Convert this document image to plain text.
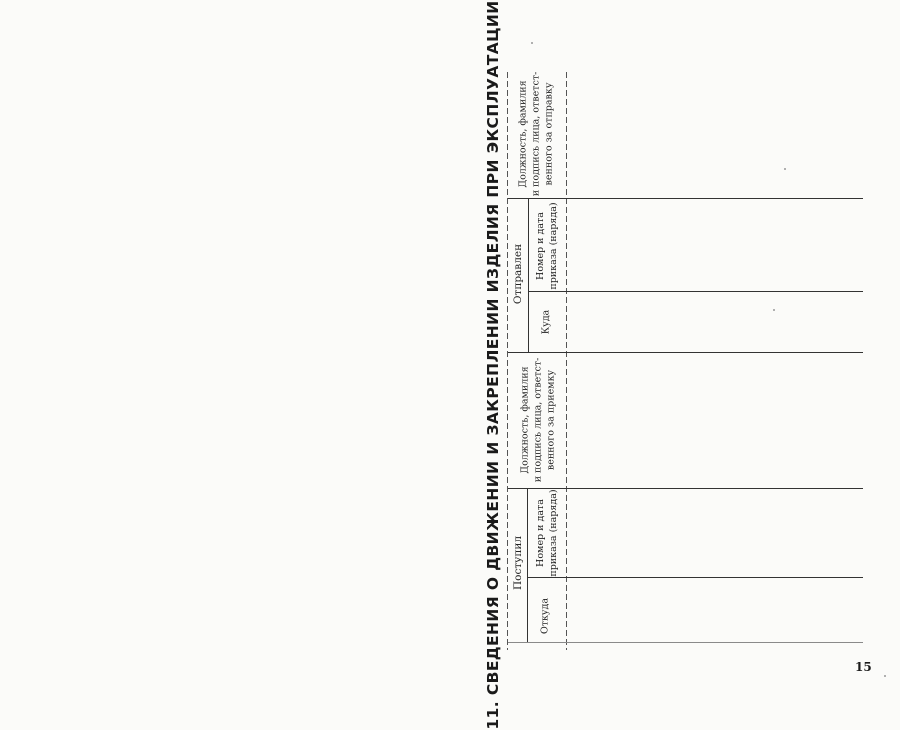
11. СВЕДЕНИЯ О ДВИЖЕНИИ И ЗАКРЕПЛЕНИИ ИЗДЕЛИЯ ПРИ ЭКСПЛУАТАЦИИ Поступил
Отправлен
Откуда
Номер и дата
приказа (наряда)
Должность, фамилия
и подпись лица, ответст-
венного за приемку
Куда
Номер и дата
приказа (наряда)
Должность, фамилия
и подпись лица, ответст-
венного за отправку
15
